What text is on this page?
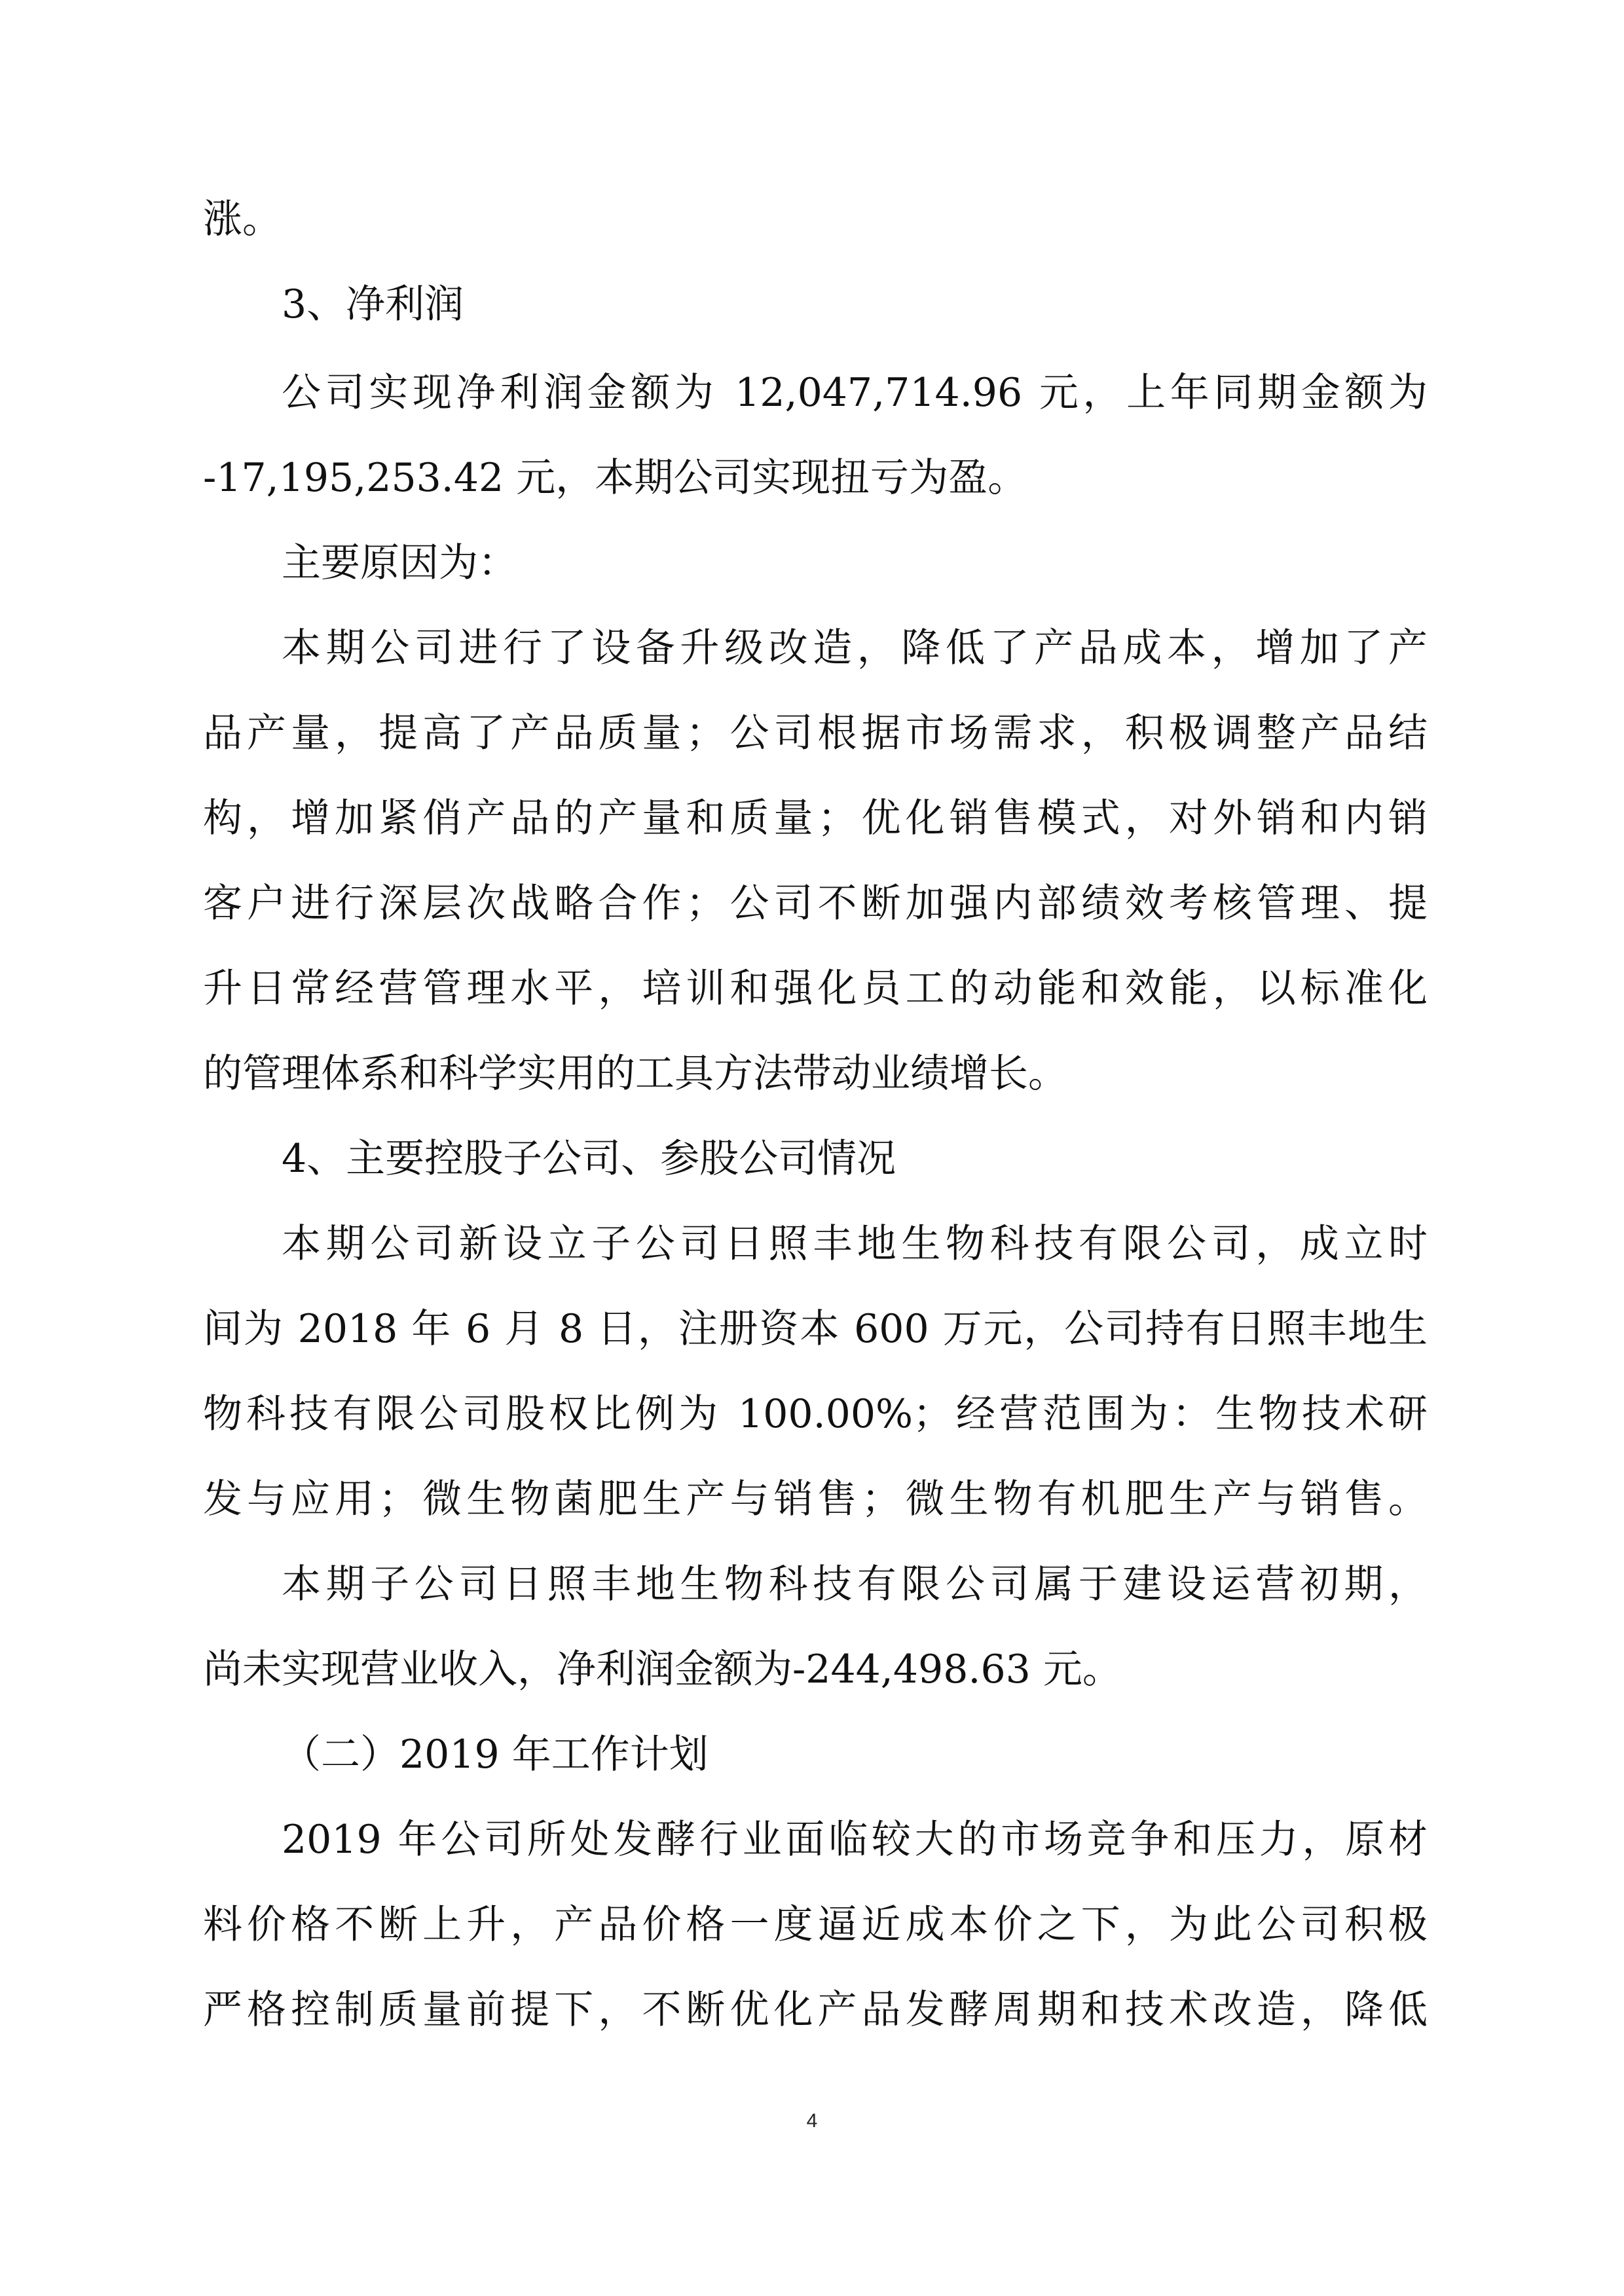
涨。
3、净利润
公司实现净利润金额为 12,047,714.96 元，上年同期金额为
-17,195,253.42 元，本期公司实现扭亏为盈。
主要原因为：
本期公司进行了设备升级改造，降低了产品成本，增加了产
品产量，提高了产品质量；公司根据市场需求，积极调整产品结
构，增加紧俏产品的产量和质量；优化销售模式，对外销和内销
客户进行深层次战略合作；公司不断加强内部绩效考核管理、提
升日常经营管理水平，培训和强化员工的动能和效能，以标准化
的管理体系和科学实用的工具方法带动业绩增长。
4、主要控股子公司、参股公司情况
本期公司新设立子公司日照丰地生物科技有限公司，成立时
间为 2018 年 6 月 8 日，注册资本 600 万元，公司持有日照丰地生
物科技有限公司股权比例为 100.00%；经营范围为：生物技术研
发与应用；微生物菌肥生产与销售；微生物有机肥生产与销售。
本期子公司日照丰地生物科技有限公司属于建设运营初期，
尚未实现营业收入，净利润金额为-244,498.63 元。
（二）2019 年工作计划
2019 年公司所处发酵行业面临较大的市场竞争和压力，原材
料价格不断上升，产品价格一度逼近成本价之下，为此公司积极
严格控制质量前提下，不断优化产品发酵周期和技术改造，降低
4
